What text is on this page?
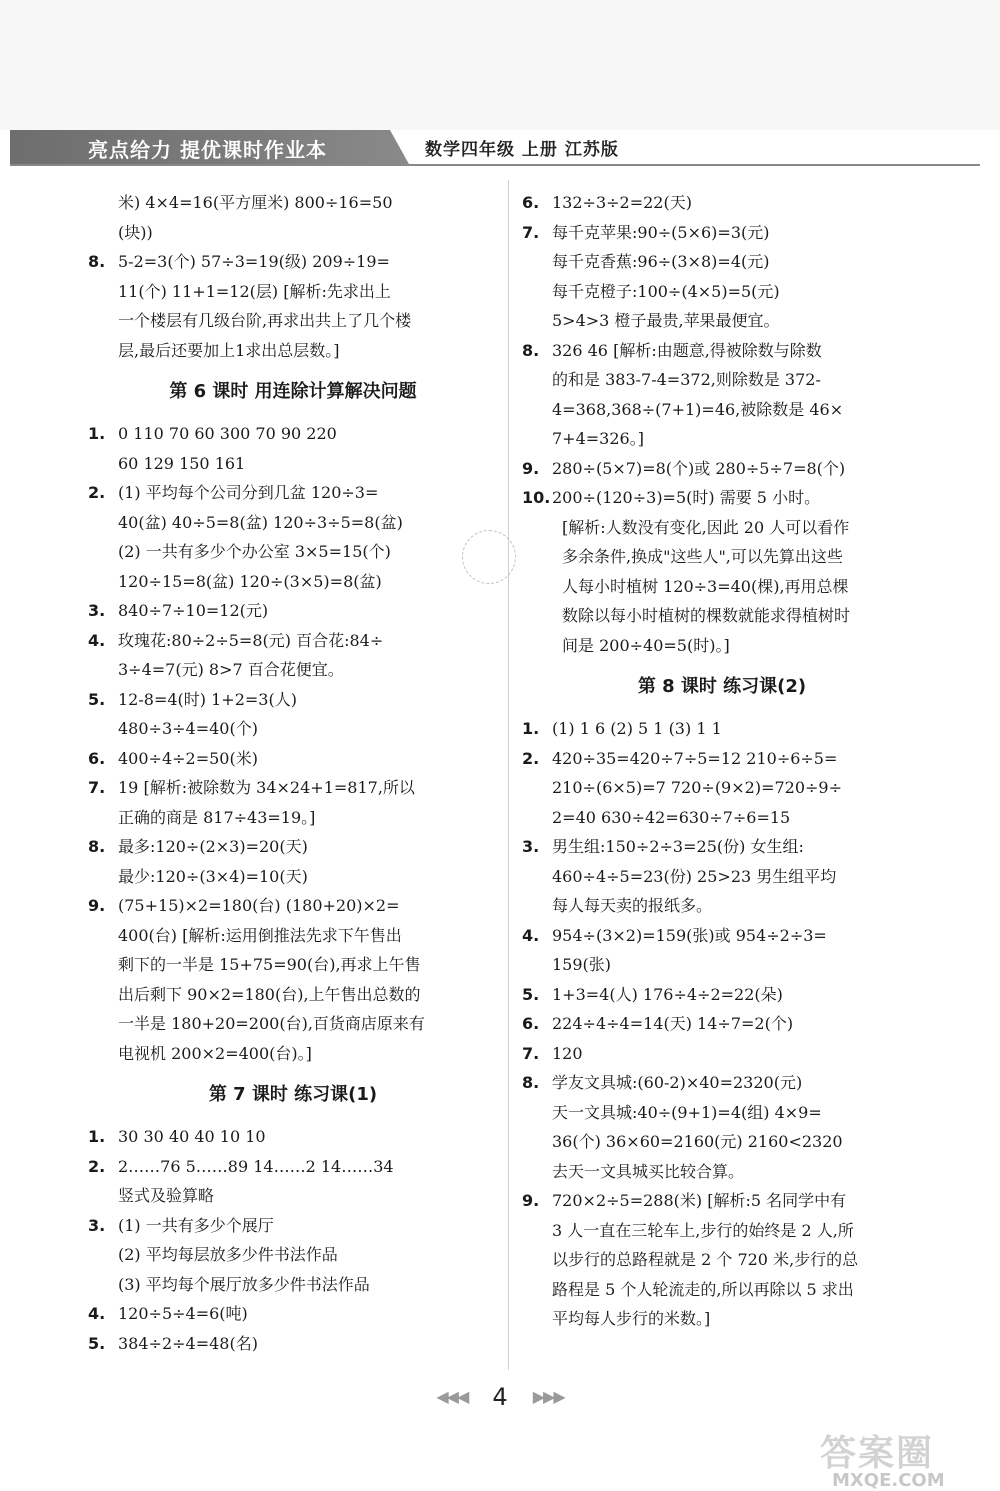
亮点给力 提优课时作业本	数学四年级 上册 江苏版
米) 4×4=16(平方厘米) 800÷16=50
(块))
8. 5-2=3(个) 57÷3=19(级) 209÷19=
11(个) 11+1=12(层) [解析:先求出上
一个楼层有几级台阶,再求出共上了几个楼
层,最后还要加上1求出总层数。]
第 6 课时 用连除计算解决问题
1. 0 110 70 60 300 70 90 220
60 129 150 161
2. (1) 平均每个公司分到几盆 120÷3=
40(盆) 40÷5=8(盆) 120÷3÷5=8(盆)
(2) 一共有多少个办公室 3×5=15(个)
120÷15=8(盆) 120÷(3×5)=8(盆)
3. 840÷7÷10=12(元)
4. 玫瑰花:80÷2÷5=8(元) 百合花:84÷
3÷4=7(元) 8>7 百合花便宜。
5. 12-8=4(时) 1+2=3(人)
480÷3÷4=40(个)
6. 400÷4÷2=50(米)
7. 19 [解析:被除数为 34×24+1=817,所以
正确的商是 817÷43=19。]
8. 最多:120÷(2×3)=20(天)
最少:120÷(3×4)=10(天)
9. (75+15)×2=180(台) (180+20)×2=
400(台) [解析:运用倒推法先求下午售出
剩下的一半是 15+75=90(台),再求上午售
出后剩下 90×2=180(台),上午售出总数的
一半是 180+20=200(台),百货商店原来有
电视机 200×2=400(台)。]
第 7 课时 练习课(1)
1. 30 30 40 40 10 10
2. 2……76 5……89 14……2 14……34
竖式及验算略
3. (1) 一共有多少个展厅
(2) 平均每层放多少件书法作品
(3) 平均每个展厅放多少件书法作品
4. 120÷5÷4=6(吨)
5. 384÷2÷4=48(名)
6. 132÷3÷2=22(天)
7. 每千克苹果:90÷(5×6)=3(元)
每千克香蕉:96÷(3×8)=4(元)
每千克橙子:100÷(4×5)=5(元)
5>4>3 橙子最贵,苹果最便宜。
8. 326 46 [解析:由题意,得被除数与除数
的和是 383-7-4=372,则除数是 372-
4=368,368÷(7+1)=46,被除数是 46×
7+4=326。]
9. 280÷(5×7)=8(个)或 280÷5÷7=8(个)
10. 200÷(120÷3)=5(时) 需要 5 小时。
[解析:人数没有变化,因此 20 人可以看作
多余条件,换成"这些人",可以先算出这些
人每小时植树 120÷3=40(棵),再用总棵
数除以每小时植树的棵数就能求得植树时
间是 200÷40=5(时)。]
第 8 课时 练习课(2)
1. (1) 1 6 (2) 5 1 (3) 1 1
2. 420÷35=420÷7÷5=12 210÷6÷5=
210÷(6×5)=7 720÷(9×2)=720÷9÷
2=40 630÷42=630÷7÷6=15
3. 男生组:150÷2÷3=25(份) 女生组:
460÷4÷5=23(份) 25>23 男生组平均
每人每天卖的报纸多。
4. 954÷(3×2)=159(张)或 954÷2÷3=
159(张)
5. 1+3=4(人) 176÷4÷2=22(朵)
6. 224÷4÷4=14(天) 14÷7=2(个)
7. 120
8. 学友文具城:(60-2)×40=2320(元)
天一文具城:40÷(9+1)=4(组) 4×9=
36(个) 36×60=2160(元) 2160<2320
去天一文具城买比较合算。
9. 720×2÷5=288(米) [解析:5 名同学中有
3 人一直在三轮车上,步行的始终是 2 人,所
以步行的总路程就是 2 个 720 米,步行的总
路程是 5 个人轮流走的,所以再除以 5 求出
平均每人步行的米数。]
◀◀◀ 4 ▶▶▶
答案圈
MXQE.COM
